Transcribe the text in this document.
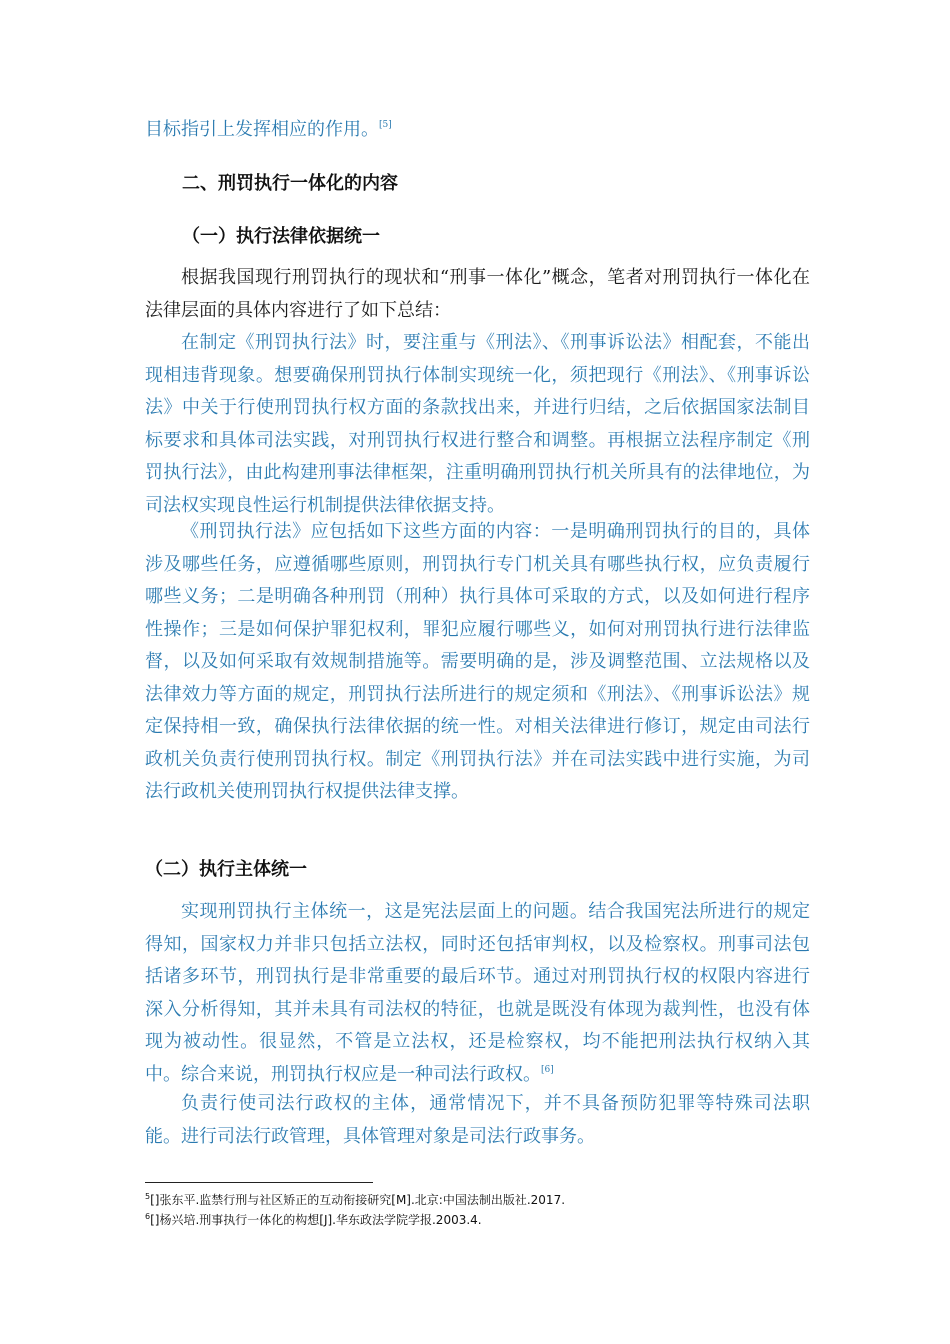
目标指引上发挥相应的作用。[5]

二、刑罚执行一体化的内容
（一）执行法律依据统一

根据我国现行刑罚执行的现状和“刑事一体化”概念，笔者对刑罚执行一体化在法律层面的具体内容进行了如下总结：

在制定《刑罚执行法》时，要注重与《刑法》、《刑事诉讼法》相配套，不能出现相违背现象。想要确保刑罚执行体制实现统一化，须把现行《刑法》、《刑事诉讼法》中关于行使刑罚执行权方面的条款找出来，并进行归结，之后依据国家法制目标要求和具体司法实践，对刑罚执行权进行整合和调整。再根据立法程序制定《刑罚执行法》，由此构建刑事法律框架，注重明确刑罚执行机关所具有的法律地位，为司法权实现良性运行机制提供法律依据支持。

《刑罚执行法》应包括如下这些方面的内容：一是明确刑罚执行的目的，具体涉及哪些任务，应遵循哪些原则，刑罚执行专门机关具有哪些执行权，应负责履行哪些义务；二是明确各种刑罚（刑种）执行具体可采取的方式，以及如何进行程序性操作；三是如何保护罪犯权利，罪犯应履行哪些义，如何对刑罚执行进行法律监督，以及如何采取有效规制措施等。需要明确的是，涉及调整范围、立法规格以及法律效力等方面的规定，刑罚执行法所进行的规定须和《刑法》、《刑事诉讼法》规定保持相一致，确保执行法律依据的统一性。对相关法律进行修订，规定由司法行政机关负责行使刑罚执行权。制定《刑罚执行法》并在司法实践中进行实施，为司法行政机关使刑罚执行权提供法律支撑。

（二）执行主体统一

实现刑罚执行主体统一，这是宪法层面上的问题。结合我国宪法所进行的规定得知，国家权力并非只包括立法权，同时还包括审判权，以及检察权。刑事司法包括诸多环节，刑罚执行是非常重要的最后环节。通过对刑罚执行权的权限内容进行深入分析得知，其并未具有司法权的特征，也就是既没有体现为裁判性，也没有体现为被动性。很显然，不管是立法权，还是检察权，均不能把刑法执行权纳入其中。综合来说，刑罚执行权应是一种司法行政权。[6]

负责行使司法行政权的主体，通常情况下，并不具备预防犯罪等特殊司法职能。进行司法行政管理，具体管理对象是司法行政事务。

$^5$[]张东平.监禁行刑与社区矫正的互动衔接研究[M].北京:中国法制出版社.2017.

$^6$[]杨兴培.刑事执行一体化的构想[J].华东政法学院学报.2003.4.
